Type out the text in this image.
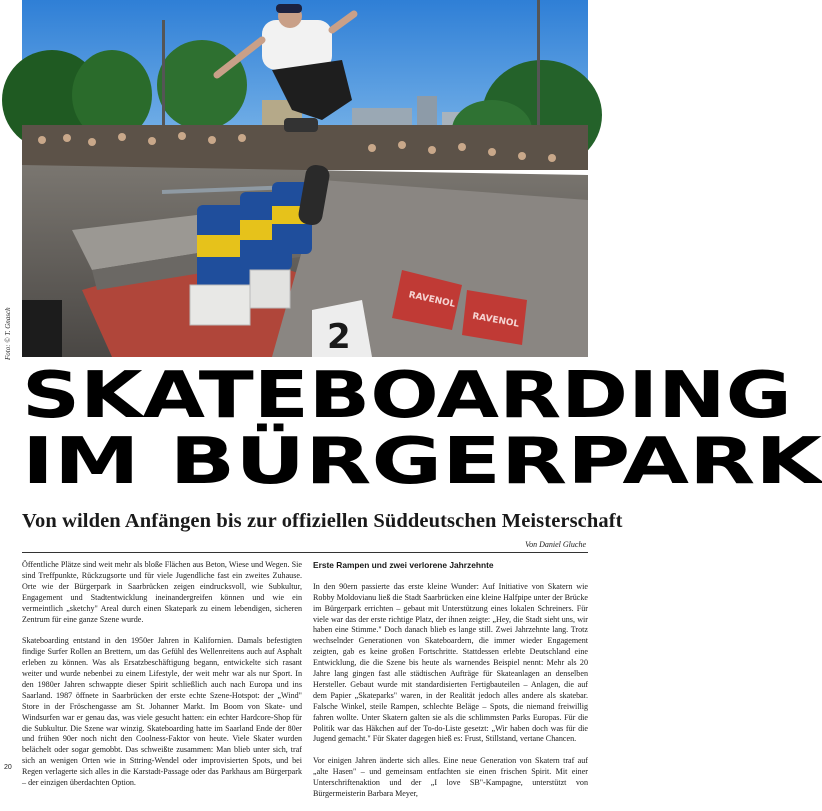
2
RAVENOL
RAVENOL
Foto: © T. Gnasch
SKATEBOARDING
IM BÜRGERPARK
Von wilden Anfängen bis zur offiziellen Süddeutschen Meisterschaft
Von Daniel Gluche

Öffentliche Plätze sind weit mehr als bloße Flächen aus Beton, Wiese und Wegen. Sie sind Treffpunkte, Rückzugsorte und für viele Jugendliche fast ein zweites Zuhause. Orte wie der Bürgerpark in Saarbrücken zeigen eindrucksvoll, wie Subkultur, Engagement und Stadtentwicklung ineinandergreifen können und wie ein vermeintlich „sketchy" Areal durch einen Skatepark zu einem lebendigen, sicheren Zentrum für eine ganze Szene wurde.

Skateboarding entstand in den 1950er Jahren in Kalifornien. Damals befestigten findige Surfer Rollen an Brettern, um das Gefühl des Wellenreitens auch auf Asphalt erleben zu können. Was als Ersatzbeschäftigung begann, entwickelte sich rasant weiter und wurde nebenbei zu einem Lifestyle, der weit mehr war als nur Sport. In den 1980er Jahren schwappte dieser Spirit schließlich auch nach Europa und ins Saarland. 1987 öffnete in Saarbrücken der erste echte Szene-Hotspot: der „Wind" Store in der Fröschengasse am St. Johanner Markt. Im Boom von Skate- und Windsurfen war er genau das, was viele gesucht hatten: ein echter Hardcore-Shop für die Subkultur. Die Szene war winzig. Skateboarding hatte im Saarland Ende der 80er und frühen 90er noch nicht den Coolness-Faktor von heute. Viele Skater wurden belächelt oder sogar gemobbt. Das schweißte zusammen: Man blieb unter sich, traf sich an wenigen Orten wie in Sttring-Wendel oder improvisierten Spots, und bei Regen verlagerte sich alles in die Karstadt-Passage oder das Parkhaus am Bürgerpark – der einzigen überdachten Option.

Erste Rampen und zwei verlorene Jahrzehnte

In den 90ern passierte das erste kleine Wunder: Auf Initiative von Skatern wie Robby Moldovianu ließ die Stadt Saarbrücken eine kleine Halfpipe unter der Brücke im Bürgerpark errichten – gebaut mit Unterstützung eines lokalen Schreiners. Für viele war das der erste richtige Platz, der ihnen zeigte: „Hey, die Stadt sieht uns, wir haben eine Stimme." Doch danach blieb es lange still. Zwei Jahrzehnte lang. Trotz wechselnder Generationen von Skateboardern, die immer wieder Engagement zeigten, gab es keine großen Fortschritte. Stattdessen erlebte Deutschland eine Entwicklung, die die Szene bis heute als warnendes Beispiel nennt: Mehr als 20 Jahre lang gingen fast alle städtischen Aufträge für Skateanlagen an denselben Hersteller. Gebaut wurde mit standardisierten Fertigbauteilen – Anlagen, die auf dem Papier „Skateparks" waren, in der Realität jedoch alles andere als skatebar. Falsche Winkel, steile Rampen, schlechte Beläge – Spots, die niemand freiwillig fahren wollte. Unter Skatern galten sie als die schlimmsten Parks Europas. Für die Politik war das Häkchen auf der To-do-Liste gesetzt: „Wir haben doch was für die Jugend gemacht." Für Skater dagegen hieß es: Frust, Stillstand, vertane Chancen.

Vor einigen Jahren änderte sich alles. Eine neue Generation von Skatern traf auf „alte Hasen" – und gemeinsam entfachten sie einen frischen Spirit. Mit einer Unterschriftenaktion und der „I love SB"-Kampagne, unterstützt von Bürgermeisterin Barbara Meyer,

20
